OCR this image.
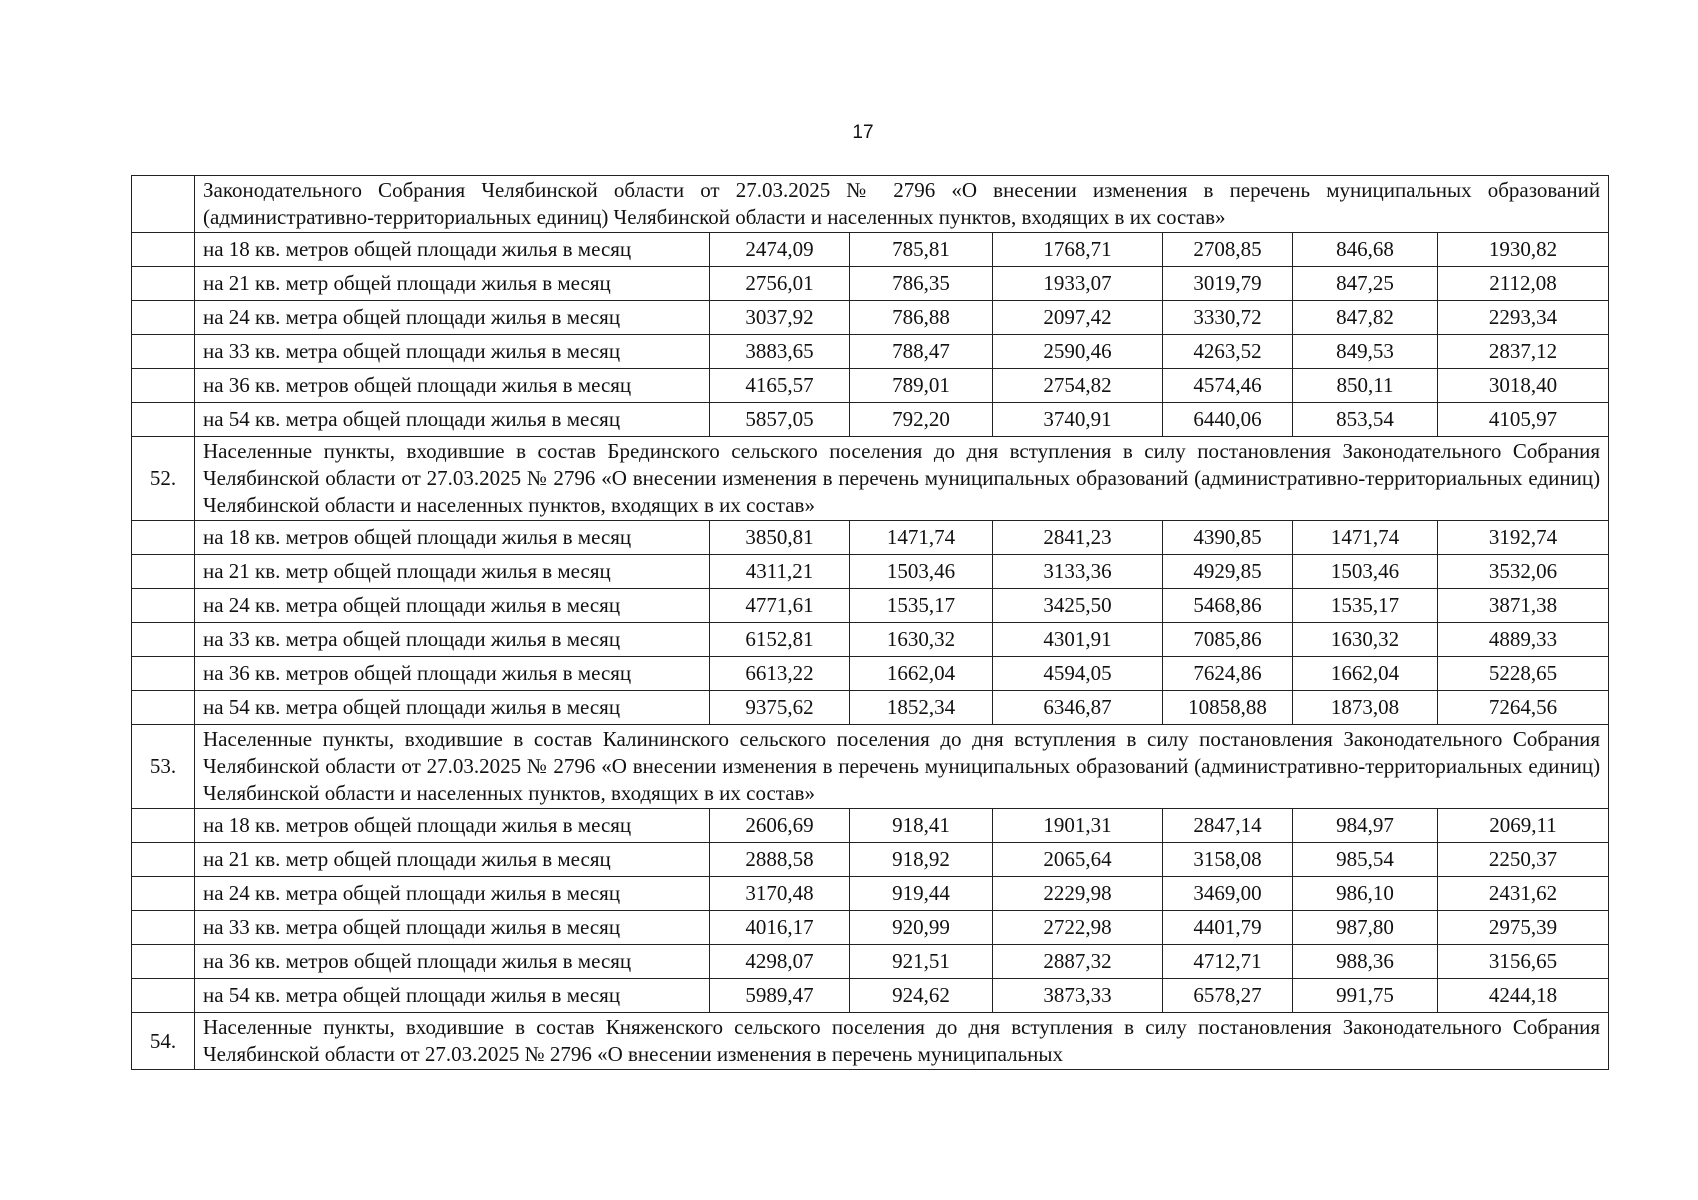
17
	Законодательного Собрания Челябинской области от 27.03.2025 № 2796 «О внесении изменения в перечень муниципальных образований (административно-территориальных единиц) Челябинской области и населенных пунктов, входящих в их состав»						
	на 18 кв. метров общей площади жилья в месяц	2474,09	785,81	1768,71	2708,85	846,68	1930,82
	на 21 кв. метр общей площади жилья в месяц	2756,01	786,35	1933,07	3019,79	847,25	2112,08
	на 24 кв. метра общей площади жилья в месяц	3037,92	786,88	2097,42	3330,72	847,82	2293,34
	на 33 кв. метра общей площади жилья в месяц	3883,65	788,47	2590,46	4263,52	849,53	2837,12
	на 36 кв. метров общей площади жилья в месяц	4165,57	789,01	2754,82	4574,46	850,11	3018,40
	на 54 кв. метра общей площади жилья в месяц	5857,05	792,20	3740,91	6440,06	853,54	4105,97
52.	Населенные пункты, входившие в состав Брединского сельского поселения до дня вступления в силу постановления Законодательного Собрания Челябинской области от 27.03.2025 № 2796 «О внесении изменения в перечень муниципальных образований (административно-территориальных единиц) Челябинской области и населенных пунктов, входящих в их состав»						
	на 18 кв. метров общей площади жилья в месяц	3850,81	1471,74	2841,23	4390,85	1471,74	3192,74
	на 21 кв. метр общей площади жилья в месяц	4311,21	1503,46	3133,36	4929,85	1503,46	3532,06
	на 24 кв. метра общей площади жилья в месяц	4771,61	1535,17	3425,50	5468,86	1535,17	3871,38
	на 33 кв. метра общей площади жилья в месяц	6152,81	1630,32	4301,91	7085,86	1630,32	4889,33
	на 36 кв. метров общей площади жилья в месяц	6613,22	1662,04	4594,05	7624,86	1662,04	5228,65
	на 54 кв. метра общей площади жилья в месяц	9375,62	1852,34	6346,87	10858,88	1873,08	7264,56
53.	Населенные пункты, входившие в состав Калининского сельского поселения до дня вступления в силу постановления Законодательного Собрания Челябинской области от 27.03.2025 № 2796 «О внесении изменения в перечень муниципальных образований (административно-территориальных единиц) Челябинской области и населенных пунктов, входящих в их состав»						
	на 18 кв. метров общей площади жилья в месяц	2606,69	918,41	1901,31	2847,14	984,97	2069,11
	на 21 кв. метр общей площади жилья в месяц	2888,58	918,92	2065,64	3158,08	985,54	2250,37
	на 24 кв. метра общей площади жилья в месяц	3170,48	919,44	2229,98	3469,00	986,10	2431,62
	на 33 кв. метра общей площади жилья в месяц	4016,17	920,99	2722,98	4401,79	987,80	2975,39
	на 36 кв. метров общей площади жилья в месяц	4298,07	921,51	2887,32	4712,71	988,36	3156,65
	на 54 кв. метра общей площади жилья в месяц	5989,47	924,62	3873,33	6578,27	991,75	4244,18
54.	Населенные пункты, входившие в состав Княженского сельского поселения до дня вступления в силу постановления Законодательного Собрания Челябинской области от 27.03.2025 № 2796 «О внесении изменения в перечень муниципальных						
